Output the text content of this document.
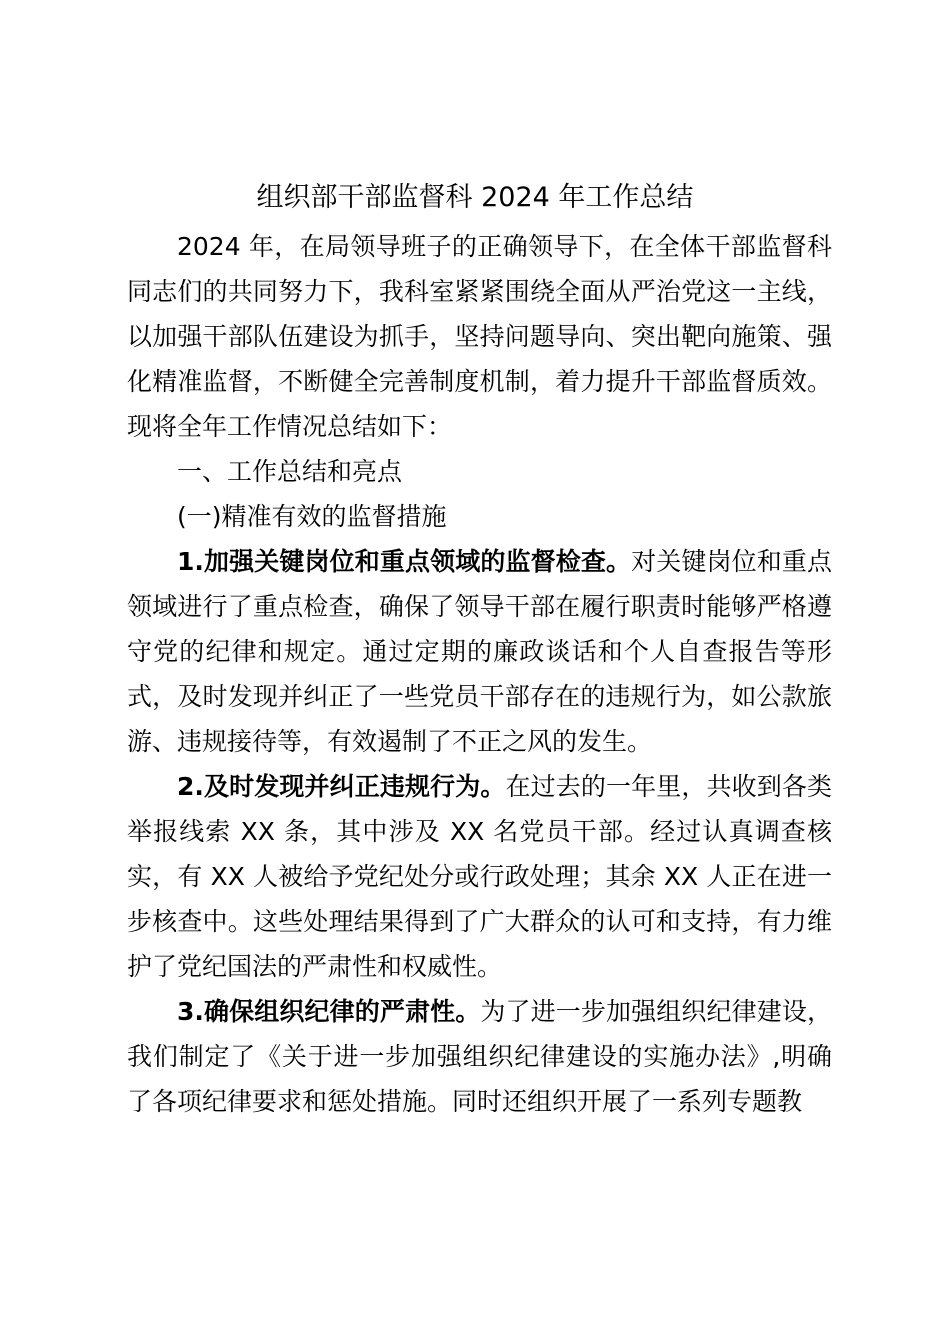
组织部干部监督科 2024 年工作总结

2024 年，在局领导班子的正确领导下，在全体干部监督科同志们的共同努力下，我科室紧紧围绕全面从严治党这一主线，以加强干部队伍建设为抓手，坚持问题导向、突出靶向施策、强化精准监督，不断健全完善制度机制，着力提升干部监督质效。现将全年工作情况总结如下：

一、工作总结和亮点

(一)精准有效的监督措施

1.加强关键岗位和重点领域的监督检查。对关键岗位和重点领域进行了重点检查，确保了领导干部在履行职责时能够严格遵守党的纪律和规定。通过定期的廉政谈话和个人自查报告等形式，及时发现并纠正了一些党员干部存在的违规行为，如公款旅游、违规接待等，有效遏制了不正之风的发生。

2.及时发现并纠正违规行为。在过去的一年里，共收到各类举报线索 XX 条，其中涉及 XX 名党员干部。经过认真调查核实，有 XX 人被给予党纪处分或行政处理；其余 XX 人正在进一步核查中。这些处理结果得到了广大群众的认可和支持，有力维护了党纪国法的严肃性和权威性。

3.确保组织纪律的严肃性。为了进一步加强组织纪律建设，我们制定了《关于进一步加强组织纪律建设的实施办法》,明确了各项纪律要求和惩处措施。同时还组织开展了一系列专题教
